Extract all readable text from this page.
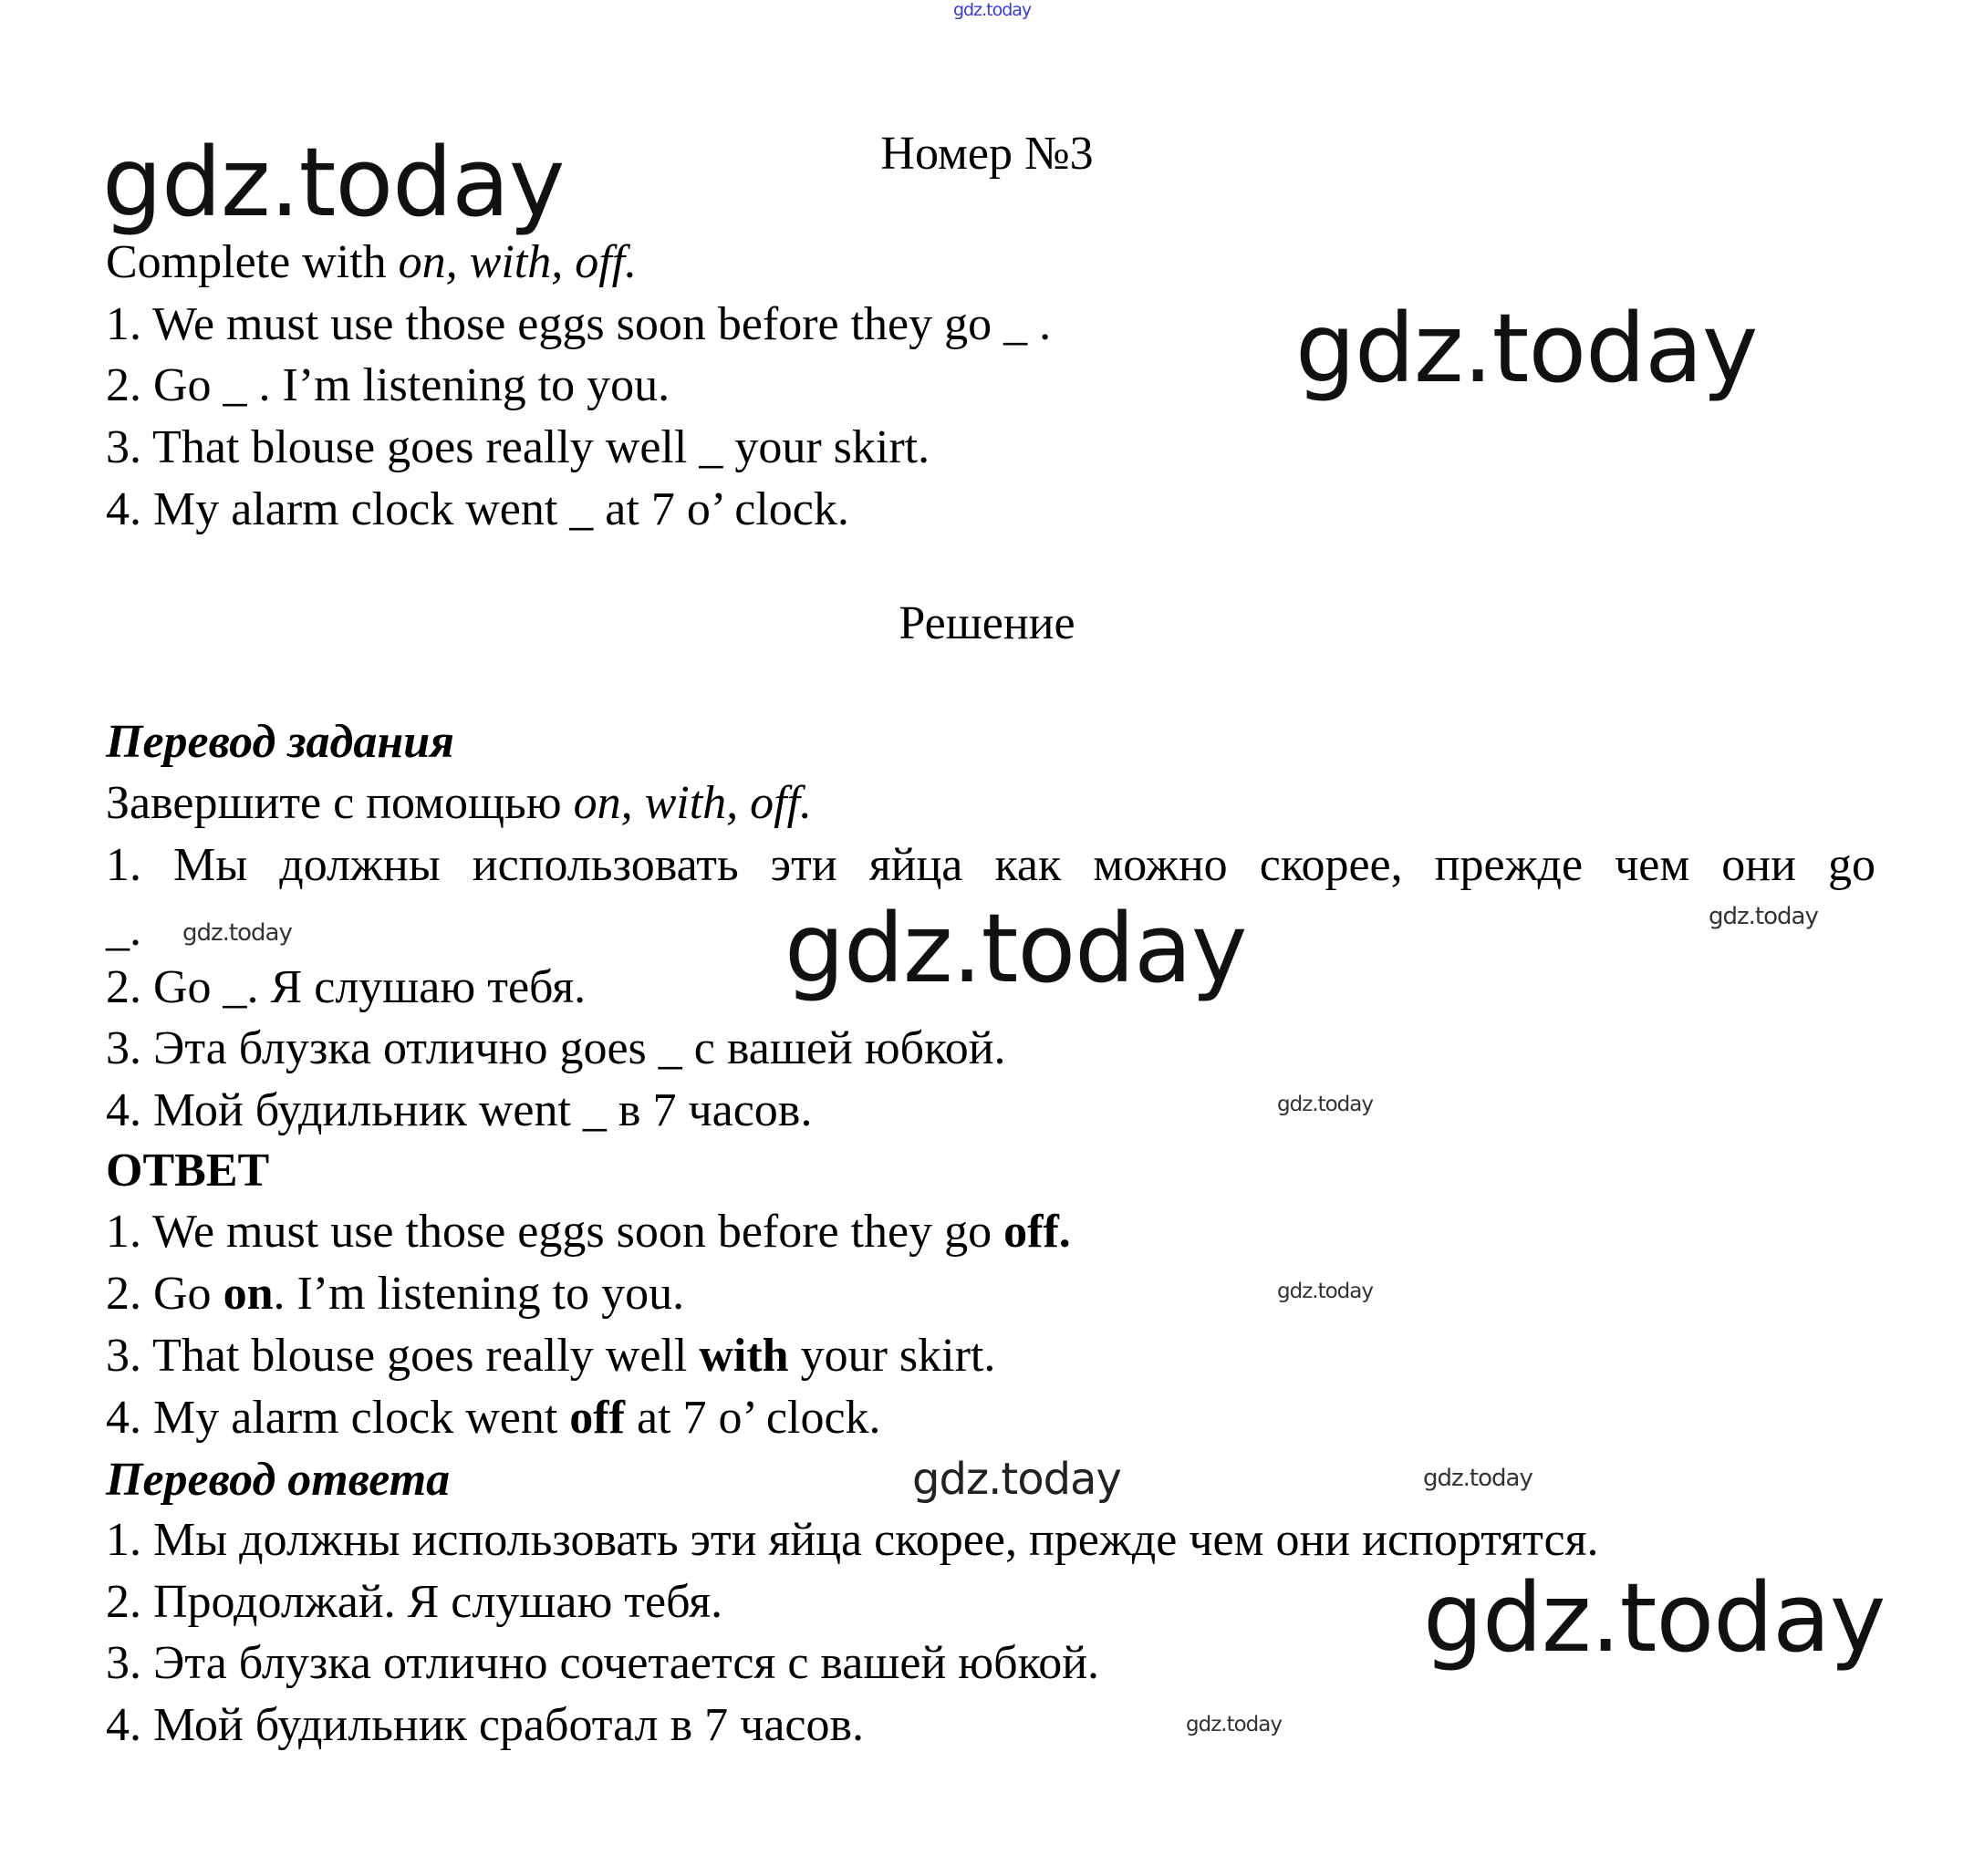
gdz.today
Номер №3
gdz.today
Complete with on, with, off.
1. We must use those eggs soon before they go _ .
2. Go _ . I’m listening to you.
3. That blouse goes really well _ your skirt.
4. My alarm clock went _ at 7 o’ clock.
gdz.today
Решение
Перевод задания
Завершите с помощью on, with, off.
1. Мы должны использовать эти яйца как можно скорее, прежде чем они go
_. gdz.today
gdz.today
gdz.today
2. Go _. Я слушаю тебя.
3. Эта блузка отлично goes _ с вашей юбкой.
4. Мой будильник went _ в 7 часов.	gdz.today
ОТВЕТ
1. We must use those eggs soon before they go off.
2. Go on. I’m listening to you.	gdz.today
3. That blouse goes really well with your skirt.
4. My alarm clock went off at 7 o’ clock.
Перевод ответа	gdz.today
gdz.today
1. Мы должны использовать эти яйца скорее, прежде чем они испортятся.
2. Продолжай. Я слушаю тебя.
3. Эта блузка отлично сочетается с вашей юбкой.
gdz.today
4. Мой будильник сработал в 7 часов.
gdz.today
